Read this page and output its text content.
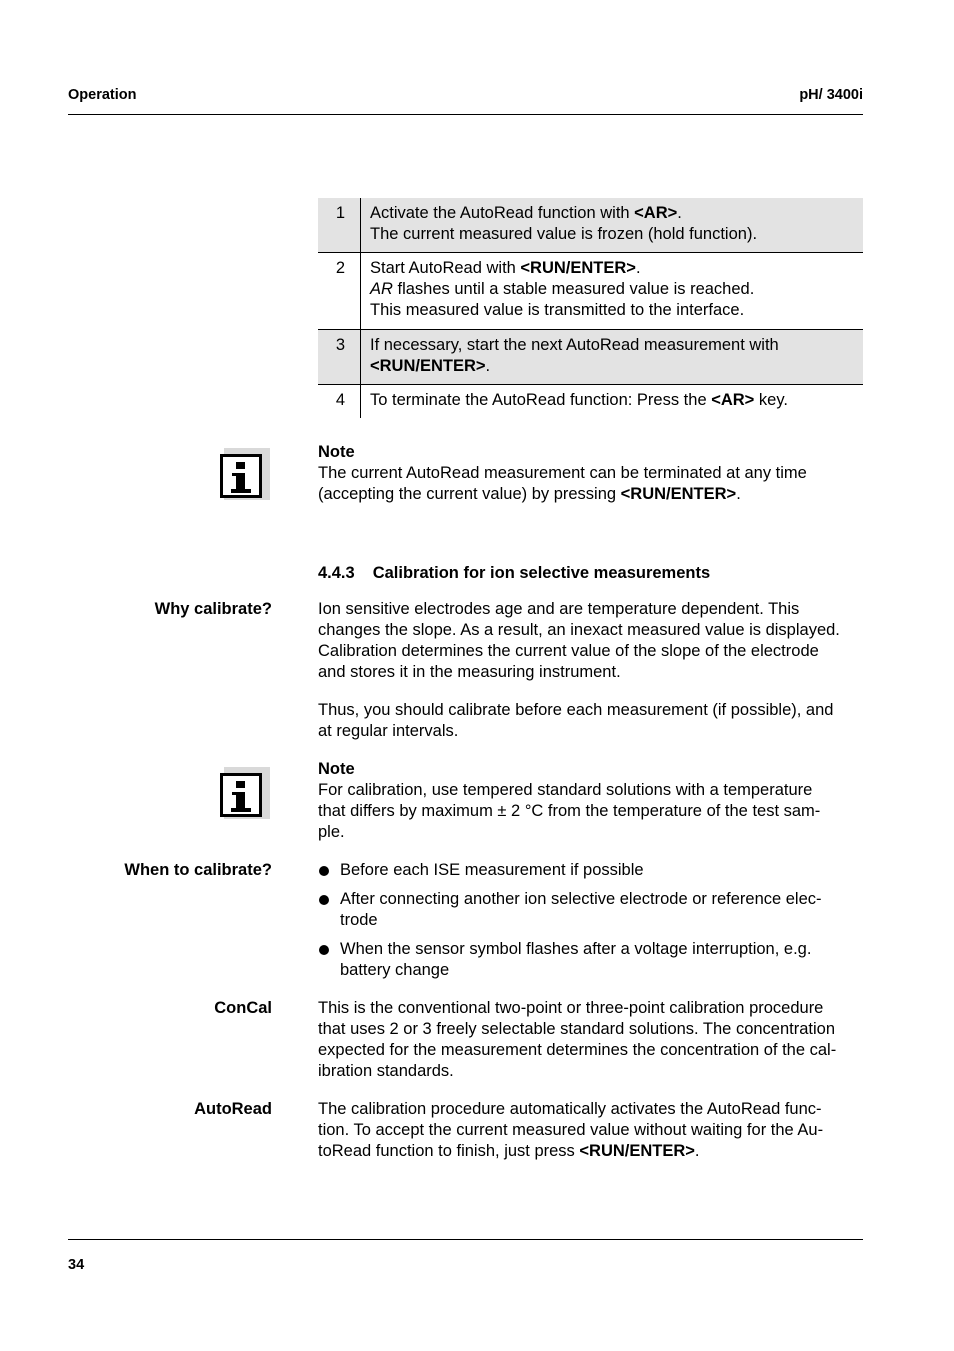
Operation	pH/ 3400i
1	Activate the AutoRead function with <AR>.
The current measured value is frozen (hold function).
2	Start AutoRead with <RUN/ENTER>.
AR flashes until a stable measured value is reached.
This measured value is transmitted to the interface.
3	If necessary, start the next AutoRead measurement with
<RUN/ENTER>.
4	To terminate the AutoRead function: Press the <AR> key.
Note
The current AutoRead measurement can be terminated at any time
(accepting the current value) by pressing <RUN/ENTER>.
4.4.3 Calibration for ion selective measurements
Why calibrate?	Ion sensitive electrodes age and are temperature dependent. This
changes the slope. As a result, an inexact measured value is displayed.
Calibration determines the current value of the slope of the electrode
and stores it in the measuring instrument.
Thus, you should calibrate before each measurement (if possible), and
at regular intervals.
Note
For calibration, use tempered standard solutions with a temperature
that differs by maximum ± 2 °C from the temperature of the test sam-
ple.
When to calibrate?	Before each ISE measurement if possible
After connecting another ion selective electrode or reference elec-
trode
When the sensor symbol flashes after a voltage interruption, e.g.
battery change
ConCal	This is the conventional two-point or three-point calibration procedure
that uses 2 or 3 freely selectable standard solutions. The concentration
expected for the measurement determines the concentration of the cal-
ibration standards.
AutoRead	The calibration procedure automatically activates the AutoRead func-
tion. To accept the current measured value without waiting for the Au-
toRead function to finish, just press <RUN/ENTER>.
34
